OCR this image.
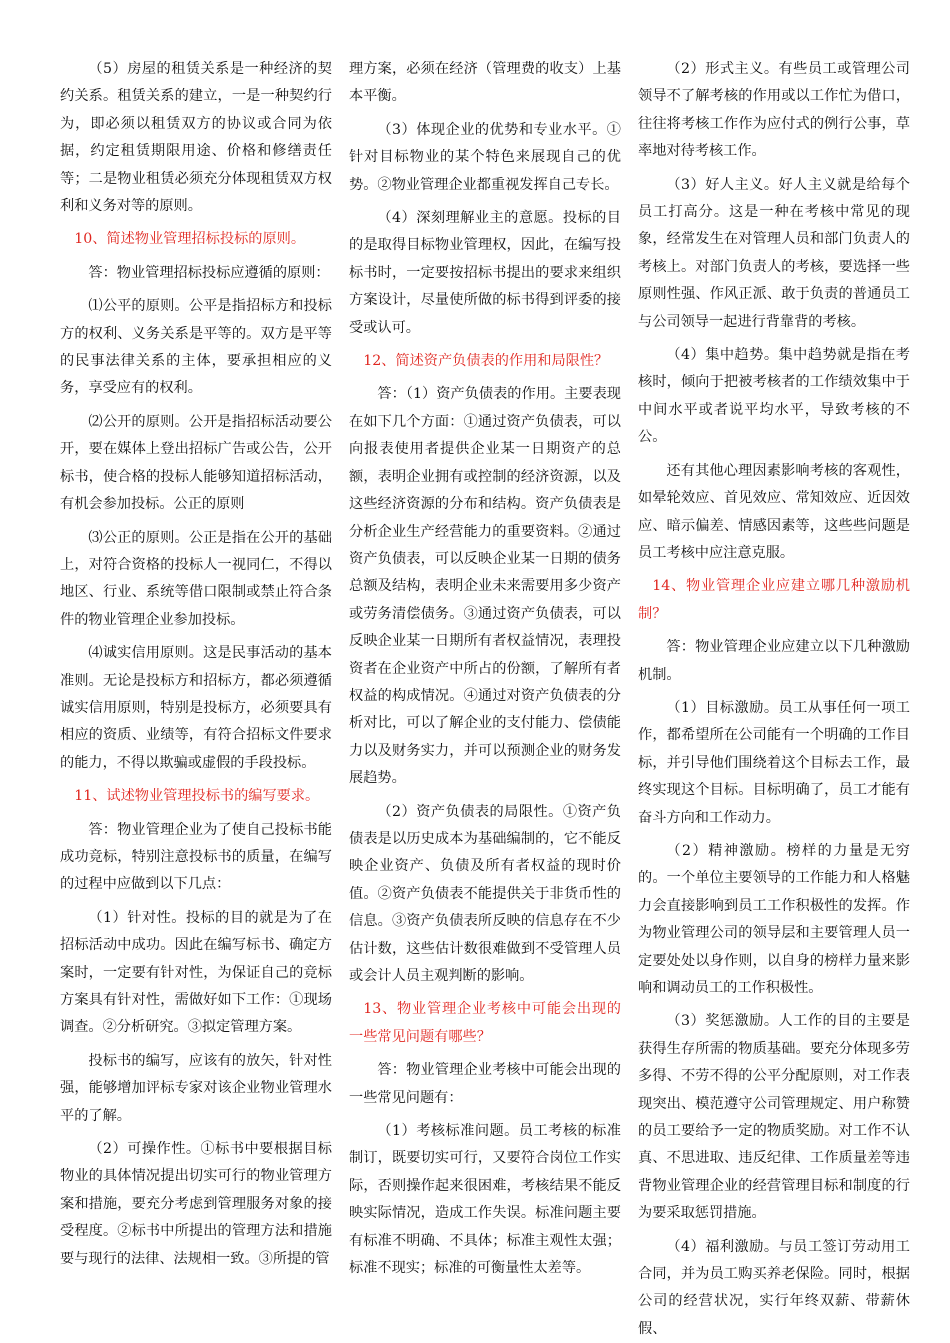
（5）房屋的租赁关系是一种经济的契约关系。租赁关系的建立，一是一种契约行为，即必须以租赁双方的协议或合同为依据，约定租赁期限用途、价格和修缮责任等；二是物业租赁必须充分体现租赁双方权利和义务对等的原则。

10、简述物业管理招标投标的原则。

答：物业管理招标投标应遵循的原则：

⑴公平的原则。公平是指招标方和投标方的权利、义务关系是平等的。双方是平等的民事法律关系的主体，要承担相应的义务，享受应有的权利。

⑵公开的原则。公开是指招标活动要公开，要在媒体上登出招标广告或公告，公开标书，使合格的投标人能够知道招标活动，有机会参加投标。公正的原则

⑶公正的原则。公正是指在公开的基础上，对符合资格的投标人一视同仁，不得以地区、行业、系统等借口限制或禁止符合条件的物业管理企业参加投标。

⑷诚实信用原则。这是民事活动的基本准则。无论是投标方和招标方，都必须遵循诚实信用原则，特别是投标方，必须要具有相应的资质、业绩等，有符合招标文件要求的能力，不得以欺骗或虚假的手段投标。

11、试述物业管理投标书的编写要求。

答：物业管理企业为了使自己投标书能成功竞标，特别注意投标书的质量，在编写的过程中应做到以下几点：

（1）针对性。投标的目的就是为了在招标活动中成功。因此在编写标书、确定方案时，一定要有针对性，为保证自己的竞标方案具有针对性，需做好如下工作：①现场调查。②分析研究。③拟定管理方案。

投标书的编写，应该有的放矢，针对性强，能够增加评标专家对该企业物业管理水平的了解。

（2）可操作性。①标书中要根据目标物业的具体情况提出切实可行的物业管理方案和措施，要充分考虑到管理服务对象的接受程度。②标书中所提出的管理方法和措施要与现行的法律、法规相一致。③所提的管

理方案，必须在经济（管理费的收支）上基本平衡。

（3）体现企业的优势和专业水平。①针对目标物业的某个特色来展现自己的优势。②物业管理企业都重视发挥自己专长。

（4）深刻理解业主的意愿。投标的目的是取得目标物业管理权，因此，在编写投标书时，一定要按招标书提出的要求来组织方案设计，尽量使所做的标书得到评委的接受或认可。

12、简述资产负债表的作用和局限性？

答：（1）资产负债表的作用。主要表现在如下几个方面：①通过资产负债表，可以向报表使用者提供企业某一日期资产的总额，表明企业拥有或控制的经济资源，以及这些经济资源的分布和结构。资产负债表是分析企业生产经营能力的重要资料。②通过资产负债表，可以反映企业某一日期的债务总额及结构，表明企业未来需要用多少资产或劳务清偿债务。③通过资产负债表，可以反映企业某一日期所有者权益情况，表理投资者在企业资产中所占的份额，了解所有者权益的构成情况。④通过对资产负债表的分析对比，可以了解企业的支付能力、偿债能力以及财务实力，并可以预测企业的财务发展趋势。

（2）资产负债表的局限性。①资产负债表是以历史成本为基础编制的，它不能反映企业资产、负债及所有者权益的现时价值。②资产负债表不能提供关于非货币性的信息。③资产负债表所反映的信息存在不少估计数，这些估计数很难做到不受管理人员或会计人员主观判断的影响。

13、物业管理企业考核中可能会出现的一些常见问题有哪些？

答：物业管理企业考核中可能会出现的一些常见问题有：

（1）考核标准问题。员工考核的标准制订，既要切实可行，又要符合岗位工作实际，否则操作起来很困难，考核结果不能反映实际情况，造成工作失误。标准问题主要有标准不明确、不具体；标准主观性太强；标准不现实；标准的可衡量性太差等。

（2）形式主义。有些员工或管理公司领导不了解考核的作用或以工作忙为借口，往往将考核工作作为应付式的例行公事，草率地对待考核工作。

（3）好人主义。好人主义就是给每个员工打高分。这是一种在考核中常见的现象，经常发生在对管理人员和部门负责人的考核上。对部门负责人的考核，要选择一些原则性强、作风正派、敢于负责的普通员工与公司领导一起进行背靠背的考核。

（4）集中趋势。集中趋势就是指在考核时，倾向于把被考核者的工作绩效集中于中间水平或者说平均水平，导致考核的不公。

还有其他心理因素影响考核的客观性，如晕轮效应、首见效应、常知效应、近因效应、暗示偏差、情感因素等，这些些问题是员工考核中应注意克服。

14、物业管理企业应建立哪几种激励机制？

答：物业管理企业应建立以下几种激励机制。

（1）目标激励。员工从事任何一项工作，都希望所在公司能有一个明确的工作目标，并引导他们围绕着这个目标去工作，最终实现这个目标。目标明确了，员工才能有奋斗方向和工作动力。

（2）精神激励。榜样的力量是无穷的。一个单位主要领导的工作能力和人格魅力会直接影响到员工工作积极性的发挥。作为物业管理公司的领导层和主要管理人员一定要处处以身作则，以自身的榜样力量来影响和调动员工的工作积极性。

（3）奖惩激励。人工作的目的主要是获得生存所需的物质基础。要充分体现多劳多得、不劳不得的公平分配原则，对工作表现突出、模范遵守公司管理规定、用户称赞的员工要给予一定的物质奖励。对工作不认真、不思进取、违反纪律、工作质量差等违背物业管理企业的经营管理目标和制度的行为要采取惩罚措施。

（4）福利激励。与员工签订劳动用工合同，并为员工购买养老保险。同时，根据公司的经营状况，实行年终双薪、带薪休假、
